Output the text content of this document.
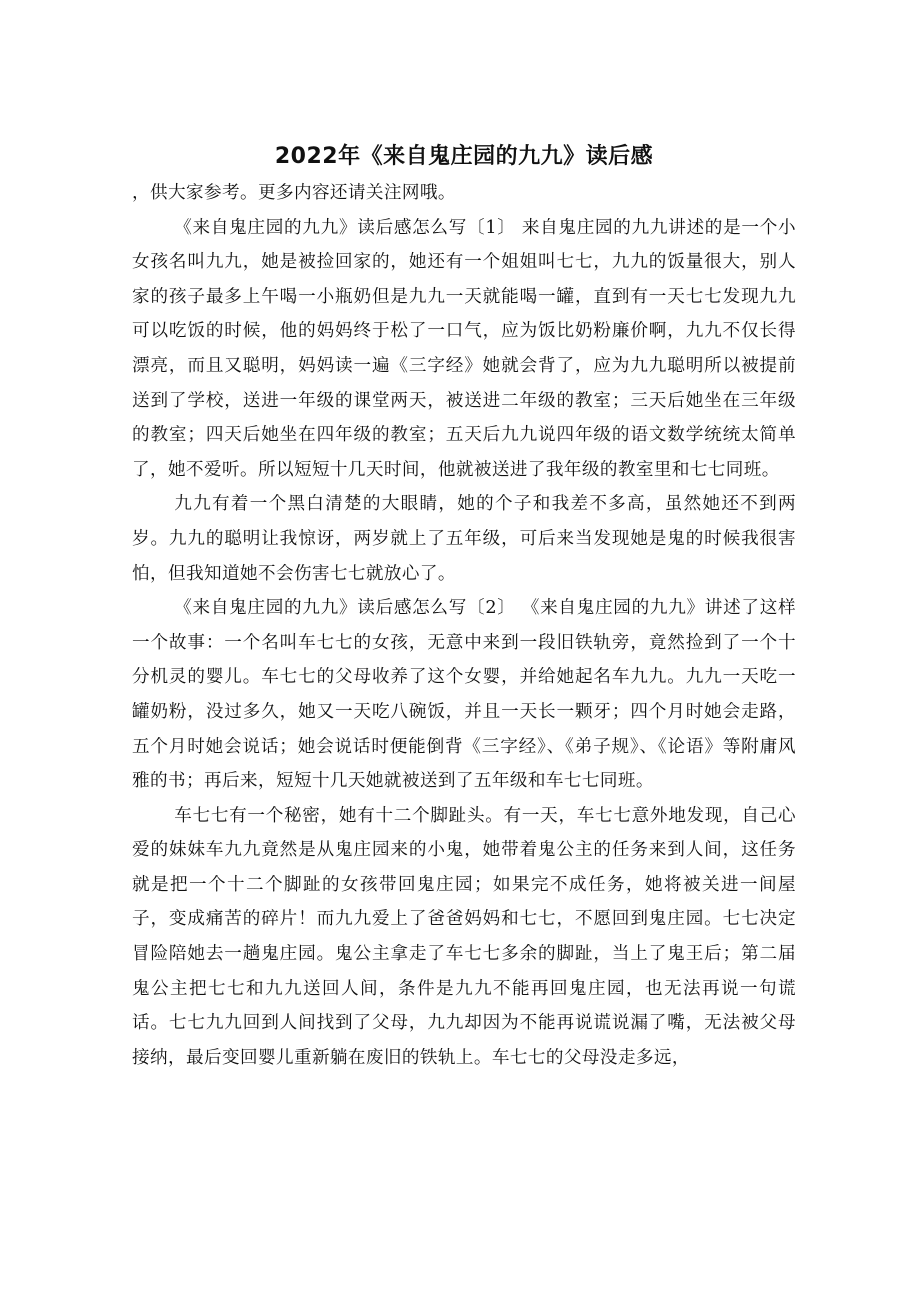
2022年《来自鬼庄园的九九》读后感

，供大家参考。更多内容还请关注网哦。

《来自鬼庄园的九九》读后感怎么写〔1〕 来自鬼庄园的九九讲述的是一个小女孩名叫九九，她是被捡回家的，她还有一个姐姐叫七七，九九的饭量很大，别人家的孩子最多上午喝一小瓶奶但是九九一天就能喝一罐，直到有一天七七发现九九可以吃饭的时候，他的妈妈终于松了一口气，应为饭比奶粉廉价啊，九九不仅长得漂亮，而且又聪明，妈妈读一遍《三字经》她就会背了，应为九九聪明所以被提前送到了学校，送进一年级的课堂两天，被送进二年级的教室；三天后她坐在三年级的教室；四天后她坐在四年级的教室；五天后九九说四年级的语文数学统统太简单了，她不爱听。所以短短十几天时间，他就被送进了我年级的教室里和七七同班。

九九有着一个黑白清楚的大眼睛，她的个子和我差不多高，虽然她还不到两岁。九九的聪明让我惊讶，两岁就上了五年级，可后来当发现她是鬼的时候我很害怕，但我知道她不会伤害七七就放心了。

《来自鬼庄园的九九》读后感怎么写〔2〕 《来自鬼庄园的九九》讲述了这样一个故事：一个名叫车七七的女孩，无意中来到一段旧铁轨旁，竟然捡到了一个十分机灵的婴儿。车七七的父母收养了这个女婴，并给她起名车九九。九九一天吃一罐奶粉，没过多久，她又一天吃八碗饭，并且一天长一颗牙；四个月时她会走路，五个月时她会说话；她会说话时便能倒背《三字经》、《弟子规》、《论语》等附庸风雅的书；再后来，短短十几天她就被送到了五年级和车七七同班。

车七七有一个秘密，她有十二个脚趾头。有一天，车七七意外地发现，自己心爱的妹妹车九九竟然是从鬼庄园来的小鬼，她带着鬼公主的任务来到人间，这任务就是把一个十二个脚趾的女孩带回鬼庄园；如果完不成任务，她将被关进一间屋子，变成痛苦的碎片！而九九爱上了爸爸妈妈和七七，不愿回到鬼庄园。七七决定冒险陪她去一趟鬼庄园。鬼公主拿走了车七七多余的脚趾，当上了鬼王后；第二届鬼公主把七七和九九送回人间，条件是九九不能再回鬼庄园，也无法再说一句谎话。七七九九回到人间找到了父母，九九却因为不能再说谎说漏了嘴，无法被父母接纳，最后变回婴儿重新躺在废旧的铁轨上。车七七的父母没走多远，
